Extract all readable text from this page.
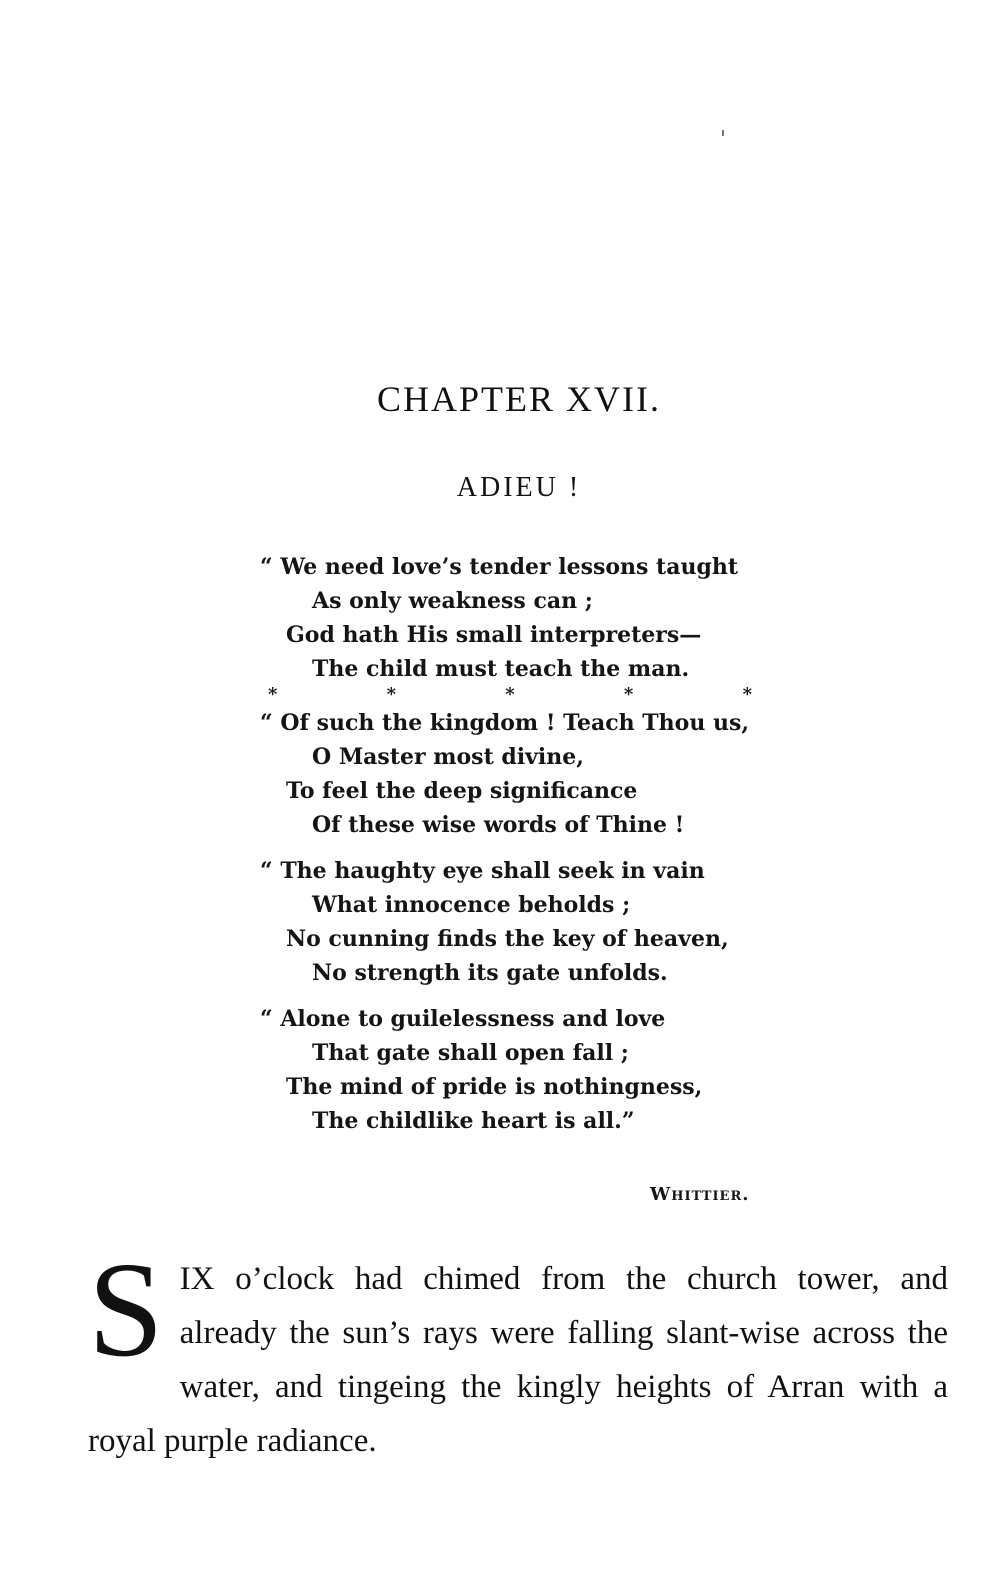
CHAPTER XVII.
ADIEU !
“ We need love’s tender lessons taught
As only weakness can ;
God hath His small interpreters—
The child must teach the man.
*	*	*	*	*
“ Of such the kingdom ! Teach Thou us,
O Master most divine,
To feel the deep significance
Of these wise words of Thine !
“ The haughty eye shall seek in vain
What innocence beholds ;
No cunning finds the key of heaven,
No strength its gate unfolds.
“ Alone to guilelessness and love
That gate shall open fall ;
The mind of pride is nothingness,
The childlike heart is all.”
Whittier.
S IX o’clock had chimed from the church tower, and already the sun’s rays were falling slant-wise across the water, and tingeing the kingly heights of Arran with a royal purple radiance.
